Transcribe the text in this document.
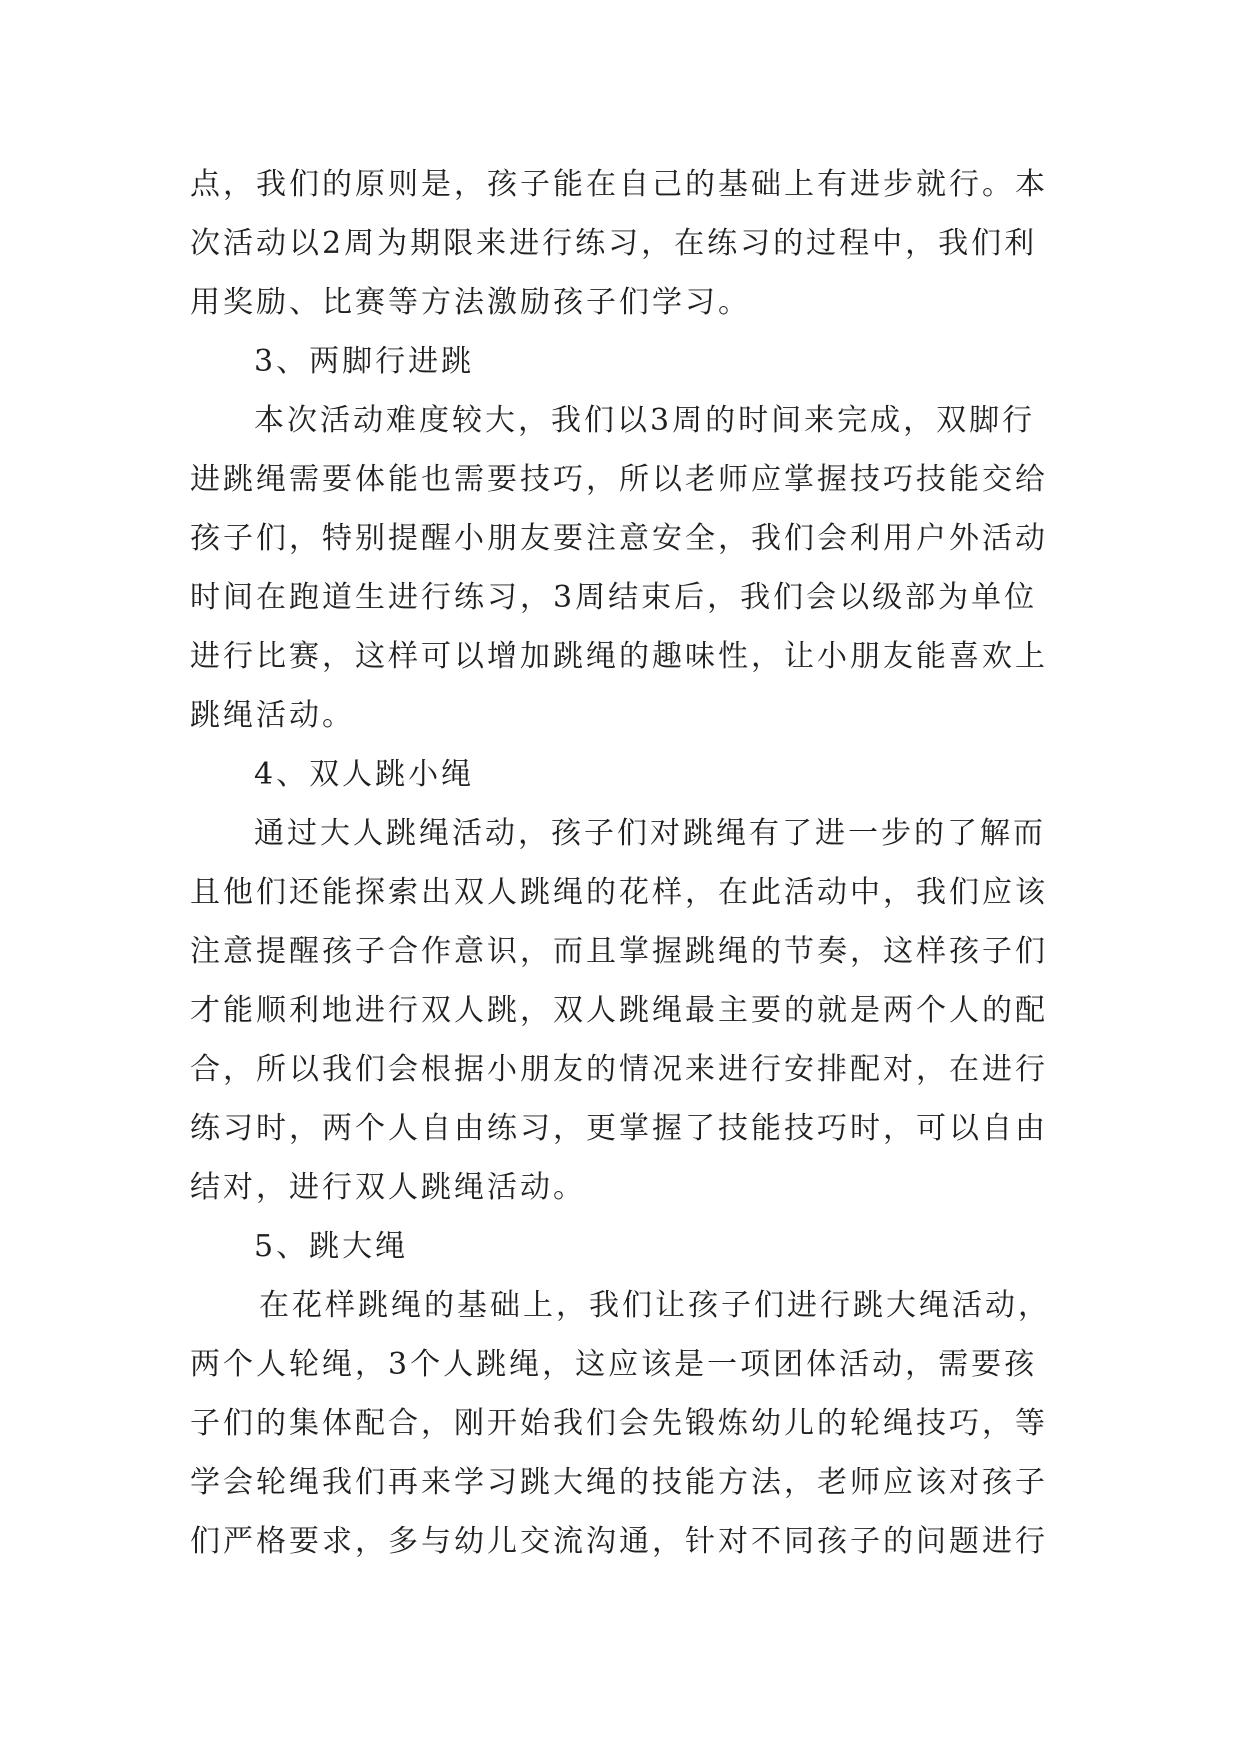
点，我们的原则是，孩子能在自己的基础上有进步就行。本
次活动以2周为期限来进行练习，在练习的过程中，我们利
用奖励、比赛等方法激励孩子们学习。
3、两脚行进跳
本次活动难度较大，我们以3周的时间来完成，双脚行
进跳绳需要体能也需要技巧，所以老师应掌握技巧技能交给
孩子们，特别提醒小朋友要注意安全，我们会利用户外活动
时间在跑道生进行练习，3周结束后，我们会以级部为单位
进行比赛，这样可以增加跳绳的趣味性，让小朋友能喜欢上
跳绳活动。
4、双人跳小绳
通过大人跳绳活动，孩子们对跳绳有了进一步的了解而
且他们还能探索出双人跳绳的花样，在此活动中，我们应该
注意提醒孩子合作意识，而且掌握跳绳的节奏，这样孩子们
才能顺利地进行双人跳，双人跳绳最主要的就是两个人的配
合，所以我们会根据小朋友的情况来进行安排配对，在进行
练习时，两个人自由练习，更掌握了技能技巧时，可以自由
结对，进行双人跳绳活动。
5、跳大绳
在花样跳绳的基础上，我们让孩子们进行跳大绳活动，
两个人轮绳，3个人跳绳，这应该是一项团体活动，需要孩
子们的集体配合，刚开始我们会先锻炼幼儿的轮绳技巧，等
学会轮绳我们再来学习跳大绳的技能方法，老师应该对孩子
们严格要求，多与幼儿交流沟通，针对不同孩子的问题进行
